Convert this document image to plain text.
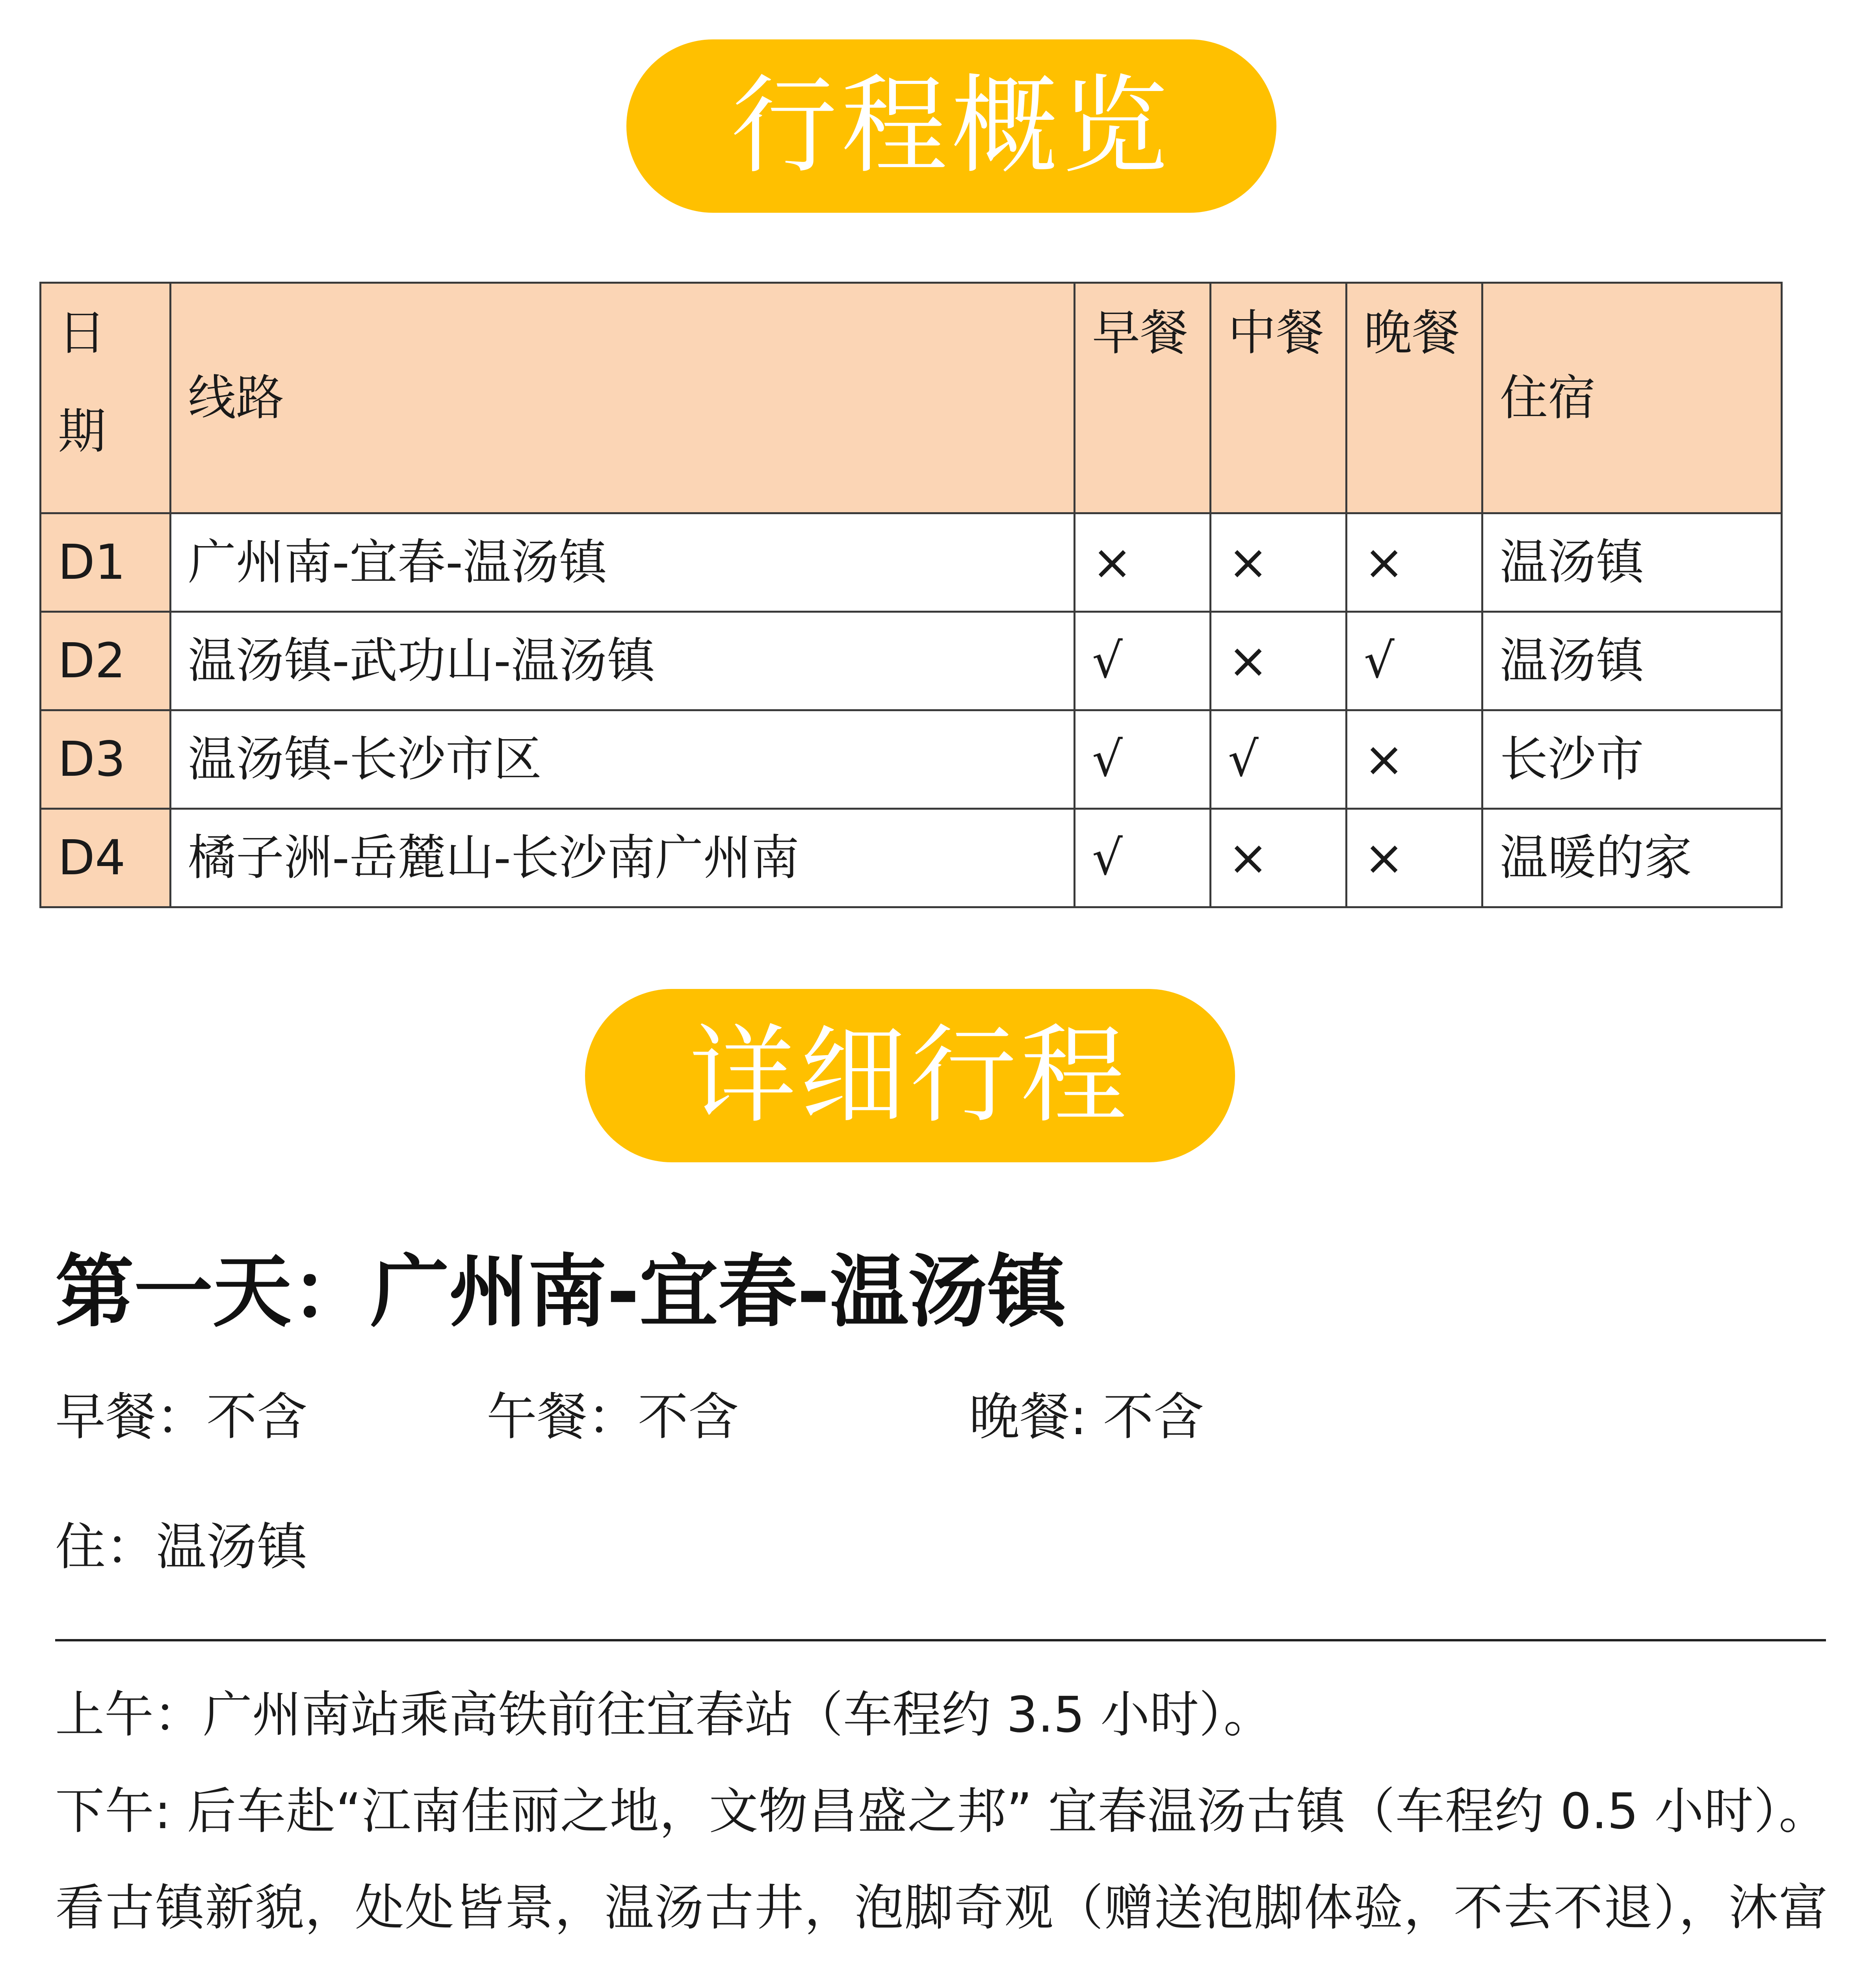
行程概览
日期	线路	早餐	中餐	晚餐	住宿
D1	广州南-宜春-温汤镇	×	×	×	温汤镇
D2	温汤镇-武功山-温汤镇	√	×	√	温汤镇
D3	温汤镇-长沙市区	√	√	×	长沙市
D4	橘子洲-岳麓山-长沙南广州南	√	×	×	温暖的家
详细行程
第一天：广州南-宜春-温汤镇
早餐：不含	午餐：不含	晚餐: 不含
住：温汤镇

上午：广州南站乘高铁前往宜春站（车程约 3.5 小时）。

下午: 后车赴“江南佳丽之地，文物昌盛之邦” 宜春温汤古镇（车程约 0.5 小时）。看古镇新貌，处处皆景，温汤古井，泡脚奇观（赠送泡脚体验，不去不退），沐富
